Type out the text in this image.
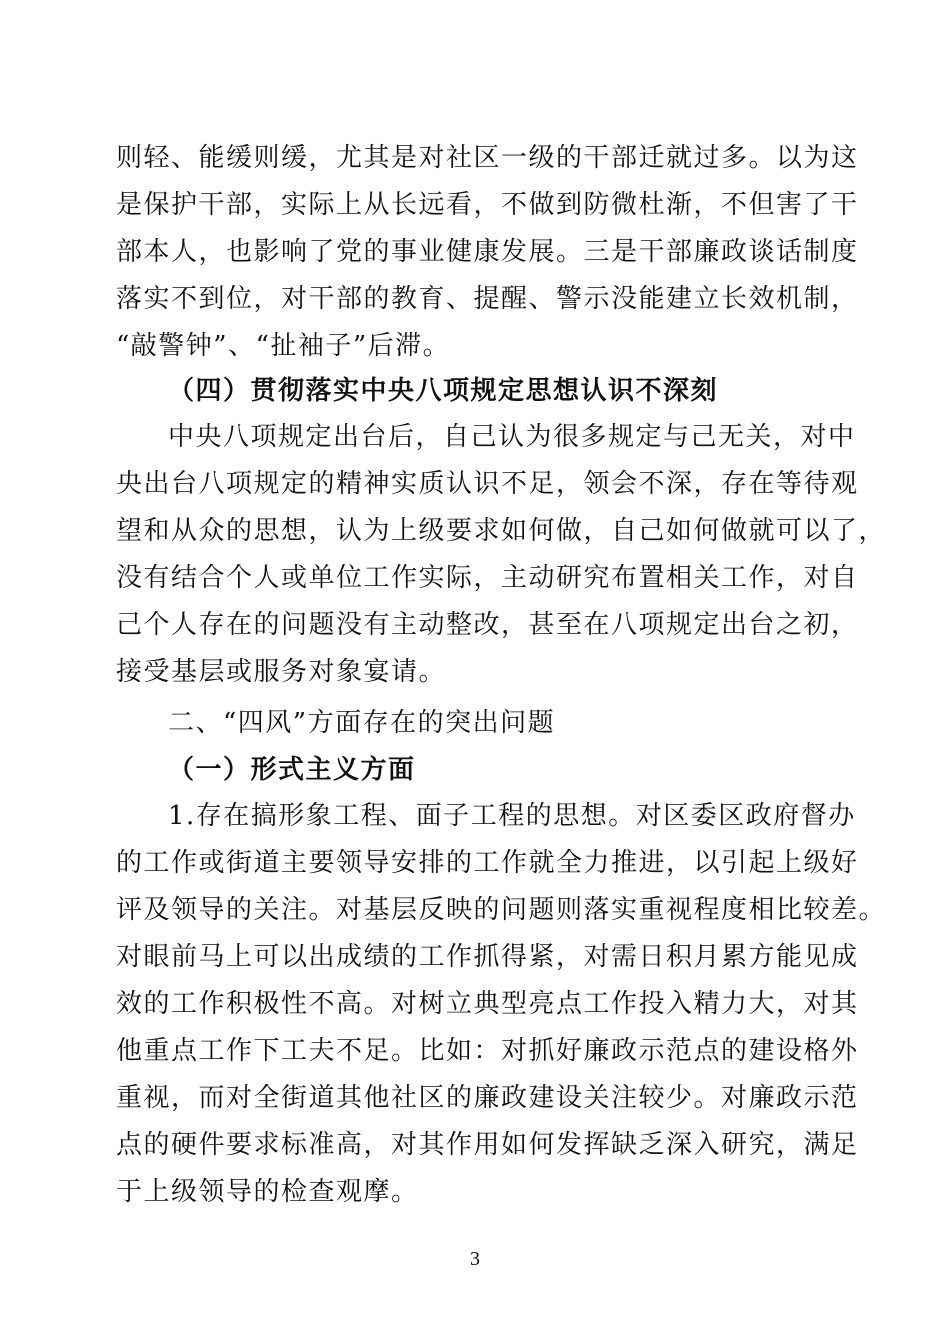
则轻、能缓则缓，尤其是对社区一级的干部迁就过多。以为这
是保护干部，实际上从长远看，不做到防微杜渐，不但害了干
部本人，也影响了党的事业健康发展。三是干部廉政谈话制度
落实不到位，对干部的教育、提醒、警示没能建立长效机制，
“敲警钟”、“扯袖子”后滞。
（四）贯彻落实中央八项规定思想认识不深刻
中央八项规定出台后，自己认为很多规定与己无关，对中
央出台八项规定的精神实质认识不足，领会不深，存在等待观
望和从众的思想，认为上级要求如何做，自己如何做就可以了，
没有结合个人或单位工作实际，主动研究布置相关工作，对自
己个人存在的问题没有主动整改，甚至在八项规定出台之初，
接受基层或服务对象宴请。
二、“四风”方面存在的突出问题
（一）形式主义方面
1.存在搞形象工程、面子工程的思想。对区委区政府督办
的工作或街道主要领导安排的工作就全力推进，以引起上级好
评及领导的关注。对基层反映的问题则落实重视程度相比较差。
对眼前马上可以出成绩的工作抓得紧，对需日积月累方能见成
效的工作积极性不高。对树立典型亮点工作投入精力大，对其
他重点工作下工夫不足。比如：对抓好廉政示范点的建设格外
重视，而对全街道其他社区的廉政建设关注较少。对廉政示范
点的硬件要求标准高，对其作用如何发挥缺乏深入研究，满足
于上级领导的检查观摩。
3
